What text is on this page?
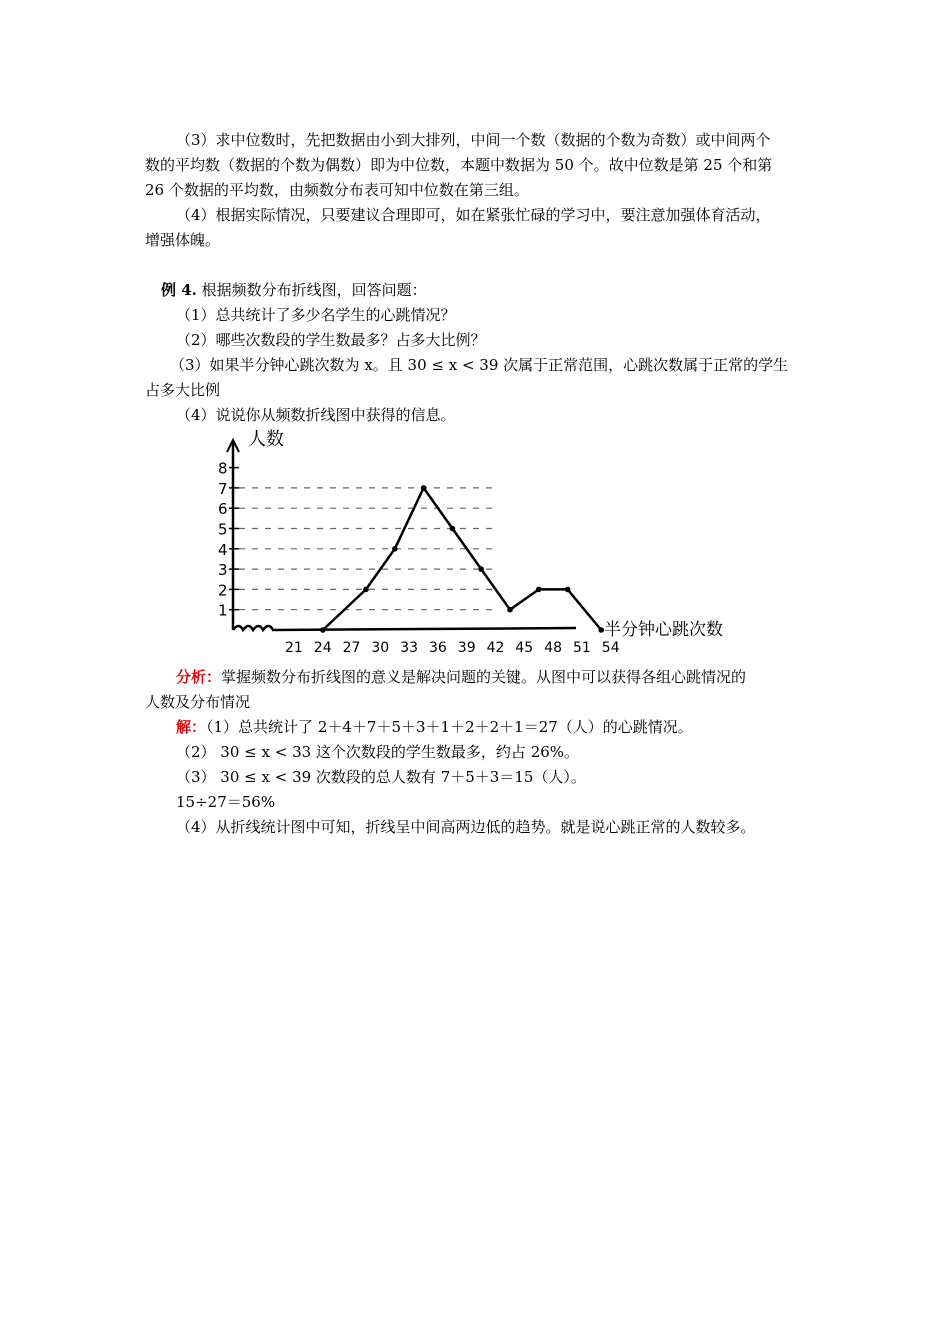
（3）求中位数时，先把数据由小到大排列，中间一个数（数据的个数为奇数）或中间两个
数的平均数（数据的个数为偶数）即为中位数，本题中数据为 50 个。故中位数是第 25 个和第
26 个数据的平均数，由频数分布表可知中位数在第三组。
（4）根据实际情况，只要建议合理即可，如在紧张忙碌的学习中，要注意加强体育活动，
增强体魄。
例 4. 根据频数分布折线图，回答问题：
（1）总共统计了多少名学生的心跳情况？
（2）哪些次数段的学生数最多？占多大比例？
（3）如果半分钟心跳次数为 x。且 30 ≤ x < 39 次属于正常范围，心跳次数属于正常的学生
占多大比例
（4）说说你从频数折线图中获得的信息。
1
2
3
4
5
6
7
8
21 24 27 30 33 36 39 42 45 48 51 54
人数
半分钟心跳次数
分析：掌握频数分布折线图的意义是解决问题的关键。从图中可以获得各组心跳情况的
人数及分布情况
解：（1）总共统计了 2＋4＋7＋5＋3＋1＋2＋2＋1＝27（人）的心跳情况。
（2） 30 ≤ x < 33 这个次数段的学生数最多，约占 26%。
（3） 30 ≤ x < 39 次数段的总人数有 7＋5＋3＝15（人）。
15÷27＝56%
（4）从折线统计图中可知，折线呈中间高两边低的趋势。就是说心跳正常的人数较多。
